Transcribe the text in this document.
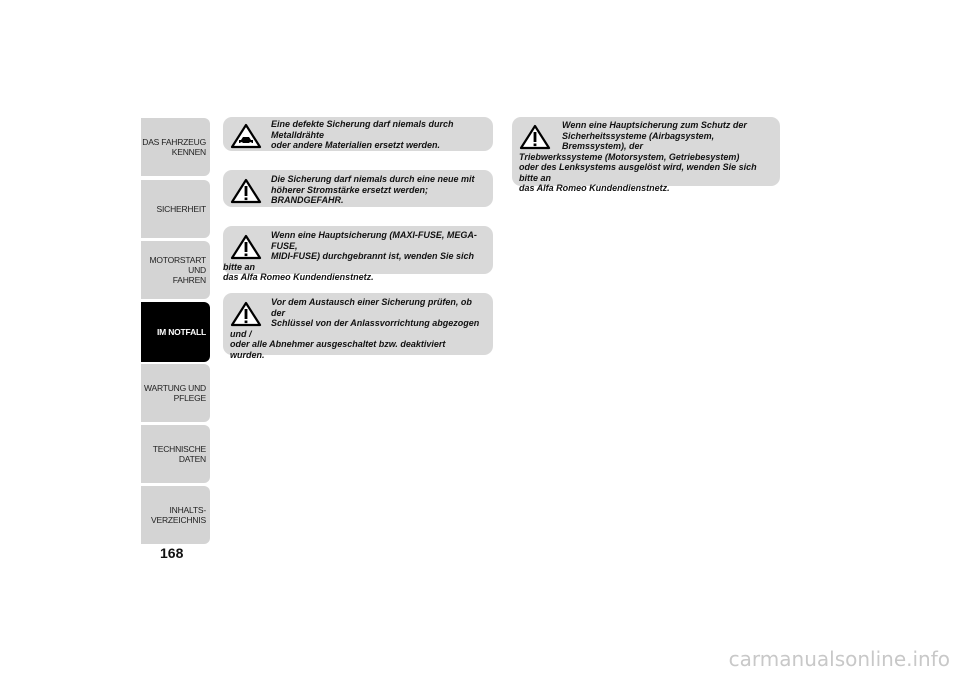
DAS FAHRZEUG
KENNEN
SICHERHEIT
MOTORSTART UND
FAHREN
IM NOTFALL
WARTUNG UND
PFLEGE
TECHNISCHE DATEN
INHALTS-
VERZEICHNIS
168
Eine defekte Sicherung darf niemals durch Metalldrähte
oder andere Materialien ersetzt werden.
Die Sicherung darf niemals durch eine neue mit
höherer Stromstärke ersetzt werden; BRANDGEFAHR.
Wenn eine Hauptsicherung (MAXI-FUSE, MEGA-FUSE,
MIDI-FUSE) durchgebrannt ist, wenden Sie sich bitte an
das Alfa Romeo Kundendienstnetz.
Vor dem Austausch einer Sicherung prüfen, ob der
Schlüssel von der Anlassvorrichtung abgezogen und /
oder alle Abnehmer ausgeschaltet bzw. deaktiviert
wurden.
Wenn eine Hauptsicherung zum Schutz der
Sicherheitssysteme (Airbagsystem, Bremssystem), der
Triebwerkssysteme (Motorsystem, Getriebesystem)
oder des Lenksystems ausgelöst wird, wenden Sie sich bitte an
das Alfa Romeo Kundendienstnetz.
carmanualsonline.info
